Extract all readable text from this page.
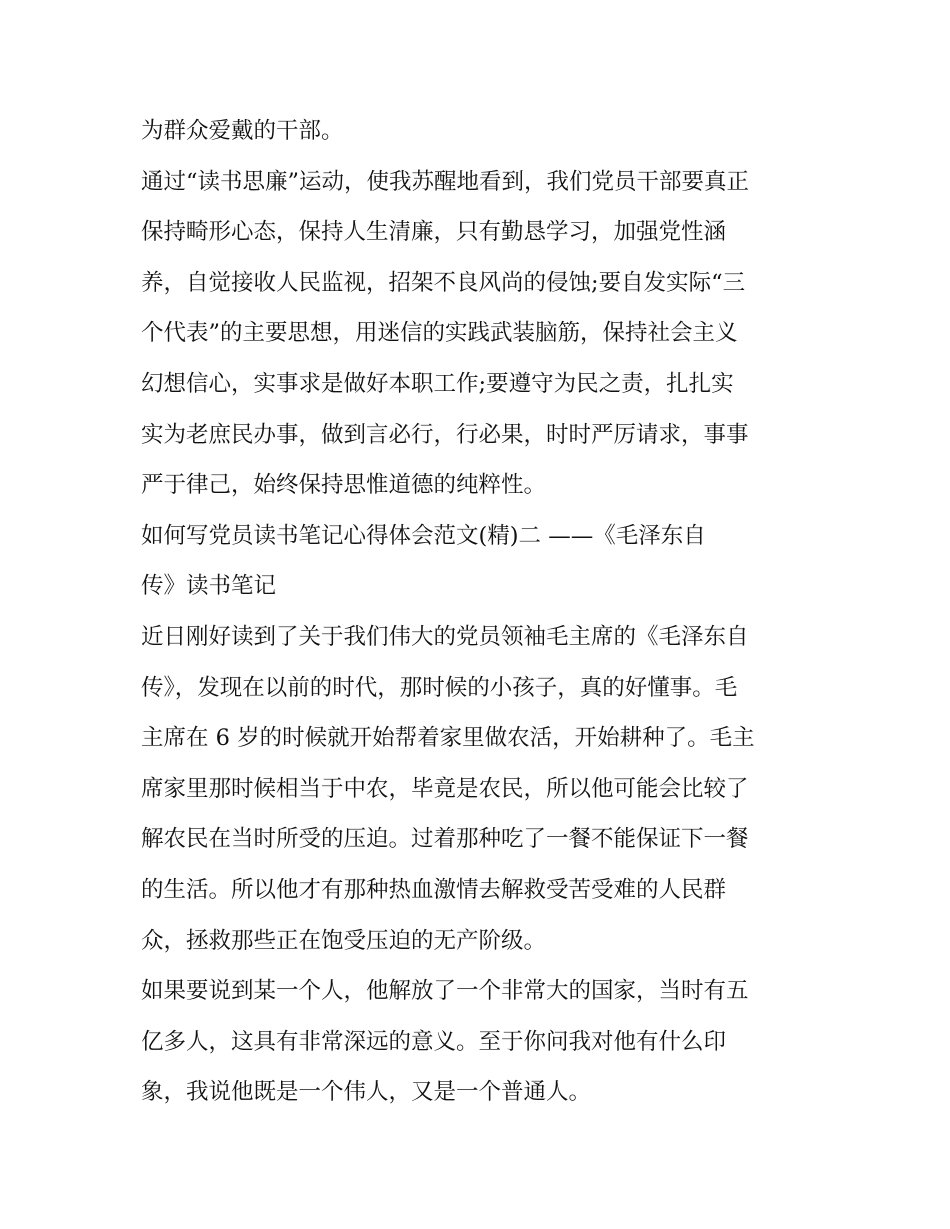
为群众爱戴的干部。
通过“读书思廉”运动，使我苏醒地看到，我们党员干部要真正
保持畸形心态，保持人生清廉，只有勤恳学习，加强党性涵
养，自觉接收人民监视，招架不良风尚的侵蚀;要自发实际“三
个代表”的主要思想，用迷信的实践武装脑筋，保持社会主义
幻想信心，实事求是做好本职工作;要遵守为民之责，扎扎实
实为老庶民办事，做到言必行，行必果，时时严厉请求，事事
严于律己，始终保持思惟道德的纯粹性。
如何写党员读书笔记心得体会范文(精)二 ——《毛泽东自
传》读书笔记
近日刚好读到了关于我们伟大的党员领袖毛主席的《毛泽东自
传》，发现在以前的时代，那时候的小孩子，真的好懂事。毛
主席在 6 岁的时候就开始帮着家里做农活，开始耕种了。毛主
席家里那时候相当于中农，毕竟是农民，所以他可能会比较了
解农民在当时所受的压迫。过着那种吃了一餐不能保证下一餐
的生活。所以他才有那种热血激情去解救受苦受难的人民群
众，拯救那些正在饱受压迫的无产阶级。
如果要说到某一个人，他解放了一个非常大的国家，当时有五
亿多人，这具有非常深远的意义。至于你问我对他有什么印
象，我说他既是一个伟人，又是一个普通人。
